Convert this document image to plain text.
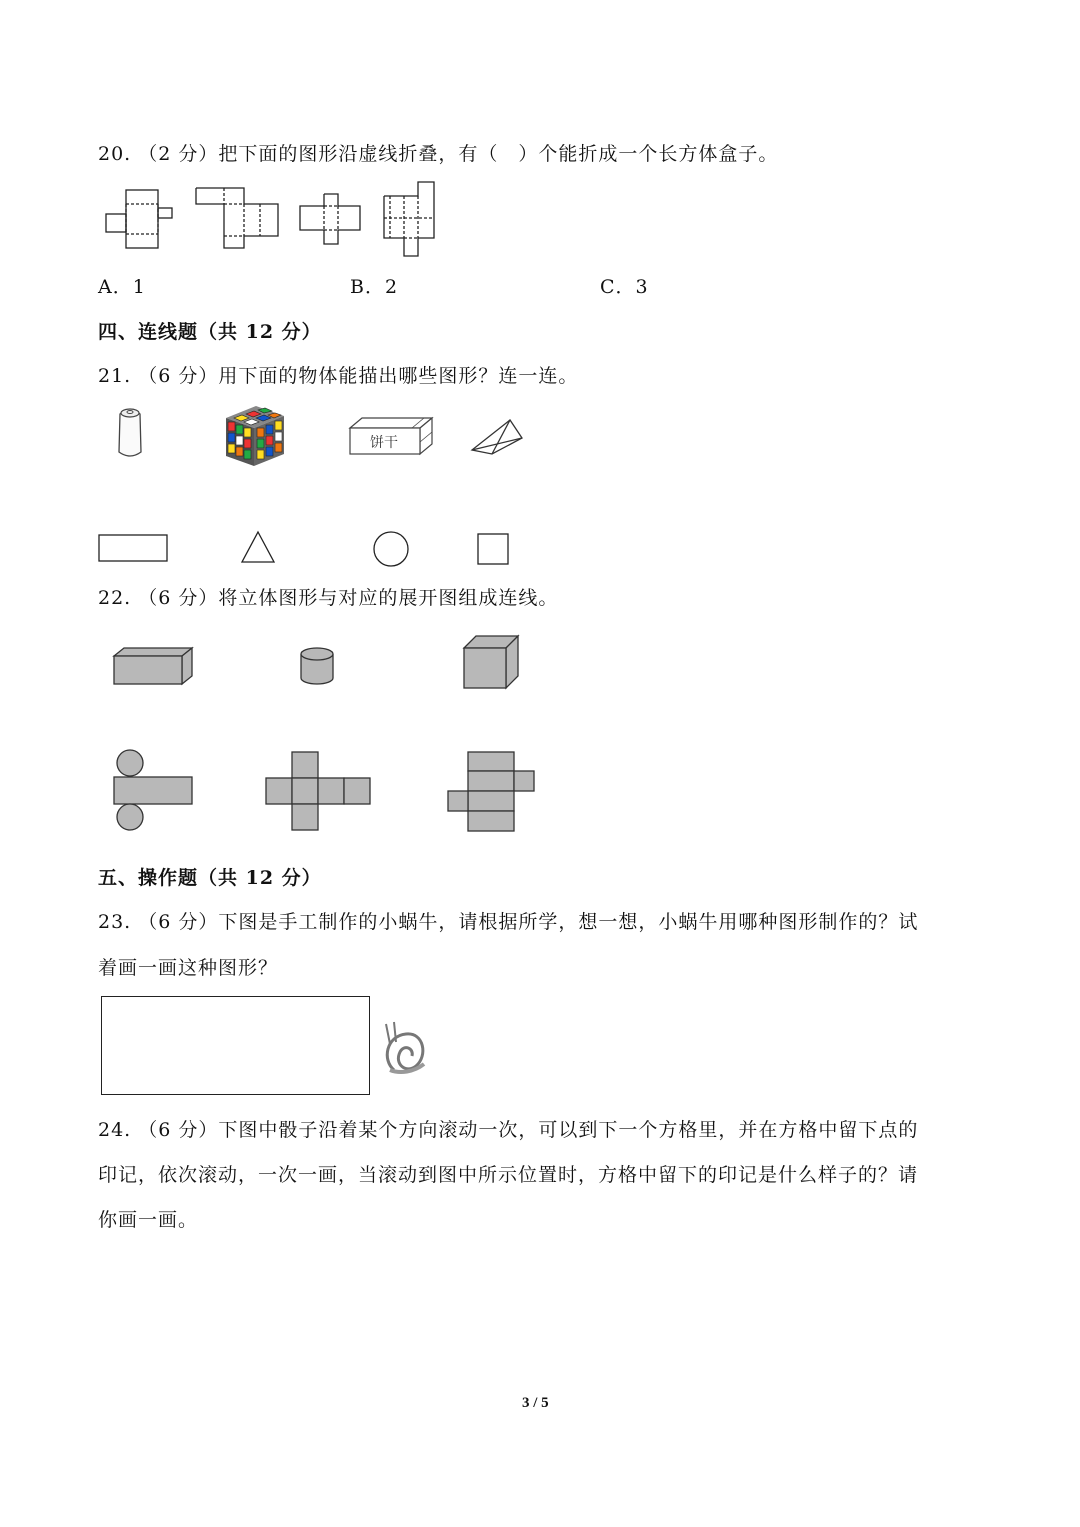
20. （2 分）把下面的图形沿虚线折叠，有（　）个能折成一个长方体盒子。
A．1	B．2	C．3
四、连线题（共 12 分）
21. （6 分）用下面的物体能描出哪些图形？连一连。
饼干
22. （6 分）将立体图形与对应的展开图组成连线。
五、操作题（共 12 分）
23. （6 分）下图是手工制作的小蜗牛，请根据所学，想一想，小蜗牛用哪种图形制作的？试
着画一画这种图形？
24. （6 分）下图中骰子沿着某个方向滚动一次，可以到下一个方格里，并在方格中留下点的
印记，依次滚动，一次一画，当滚动到图中所示位置时，方格中留下的印记是什么样子的？请
你画一画。
3 / 5
